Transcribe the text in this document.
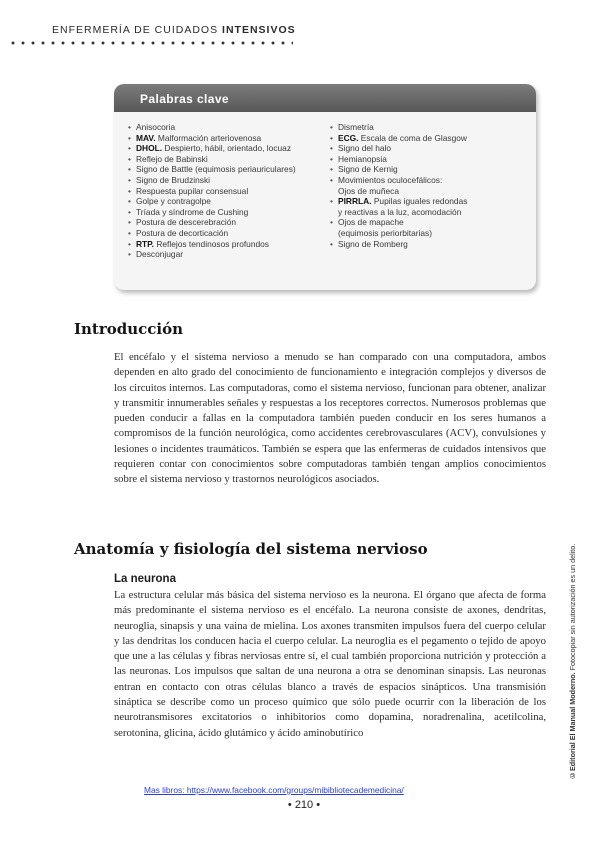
ENFERMERÍA DE CUIDADOS INTENSIVOS
Palabras clave
• Anisocoria
• MAV. Malformación arteriovenosa
• DHOL. Despierto, hábil, orientado, locuaz
• Reflejo de Babinski
• Signo de Battle (equimosis periauriculares)
• Signo de Brudzinski
• Respuesta pupilar consensual
• Golpe y contragolpe
• Tríada y síndrome de Cushing
• Postura de descerebración
• Postura de decorticación
• RTP. Reflejos tendinosos profundos
• Desconjugar
• Dismetría
• ECG. Escala de coma de Glasgow
• Signo del halo
• Hemianopsia
• Signo de Kernig
• Movimientos oculocefálicos:
Ojos de muñeca
• PIRRLA. Pupilas iguales redondas
y reactivas a la luz, acomodación
• Ojos de mapache
(equimosis periorbitarias)
• Signo de Romberg
Introducción

El encéfalo y el sistema nervioso a menudo se han comparado con una computadora, ambos dependen en alto grado del conocimiento de funcionamiento e integración complejos y diversos de los circuitos internos. Las computadoras, como el sistema nervioso, funcionan para obtener, analizar y transmitir innumerables señales y respuestas a los receptores correctos. Numerosos problemas que pueden conducir a fallas en la computadora también pueden conducir en los seres humanos a compromisos de la función neurológica, como accidentes cerebrovasculares (ACV), convulsiones y lesiones o incidentes traumáticos. También se espera que las enfermeras de cuidados intensivos que requieren contar con conocimientos sobre computadoras también tengan amplios conocimientos sobre el sistema nervioso y trastornos neurológicos asociados.

Anatomía y fisiología del sistema nervioso
La neurona

La estructura celular más básica del sistema nervioso es la neurona. El órgano que afecta de forma más predominante el sistema nervioso es el encéfalo. La neurona consiste de axones, dendritas, neuroglia, sinapsis y una vaina de mielina. Los axones transmiten impulsos fuera del cuerpo celular y las dendritas los conducen hacia el cuerpo celular. La neuroglia es el pegamento o tejido de apoyo que une a las células y fibras nerviosas entre sí, el cual también proporciona nutrición y protección a las neuronas. Los impulsos que saltan de una neurona a otra se denominan sinapsis. Las neuronas entran en contacto con otras células blanco a través de espacios sinápticos. Una transmisión sináptica se describe como un proceso químico que sólo puede ocurrir con la liberación de los neurotransmisores excitatorios o inhibitorios como dopamina, noradrenalina, acetilcolina, serotonina, glicina, ácido glutámico y ácido aminobutírico	©Editorial El Manual Moderno. Fotocopiar sin autorización es un delito.
Mas libros: https://www.facebook.com/groups/mibibliotecademedicina/
• 210 •
